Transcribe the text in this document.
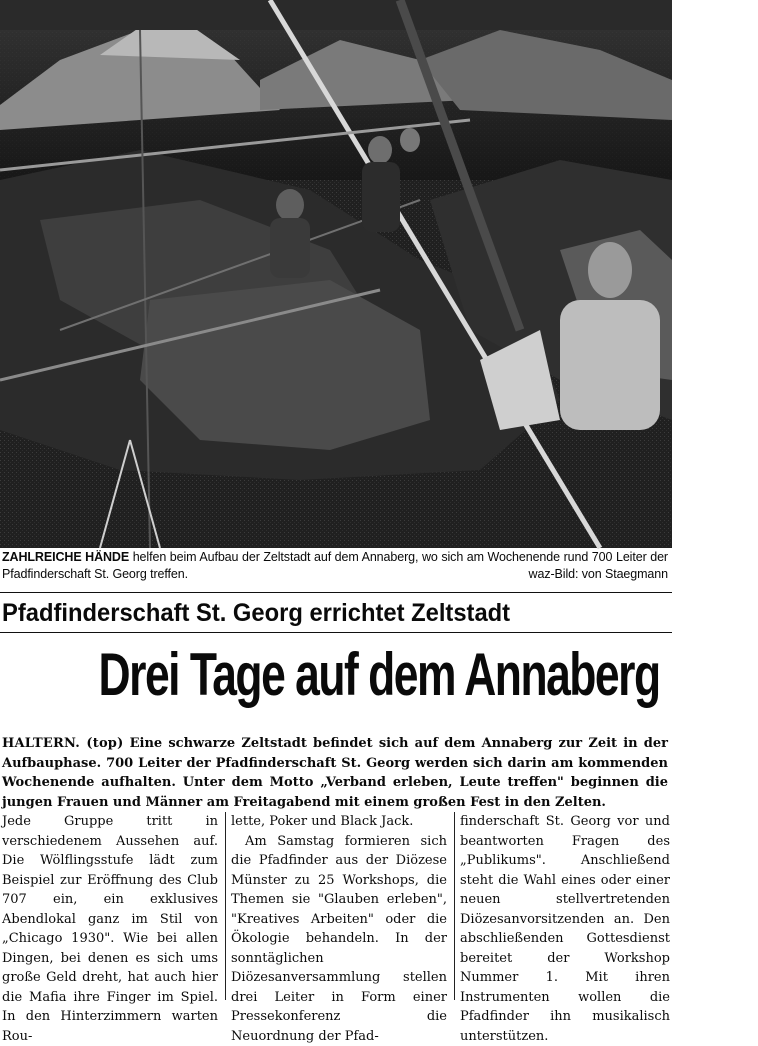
ZAHLREICHE HÄNDE helfen beim Aufbau der Zeltstadt auf dem Annaberg, wo sich am Wochenende rund 700 Leiter der Pfadfinderschaft St. Georg treffen.	waz-Bild: von Staegmann
Pfadfinderschaft St. Georg errichtet Zeltstadt
Drei Tage auf dem Annaberg
HALTERN. (top) Eine schwarze Zeltstadt befindet sich auf dem Annaberg zur Zeit in der Aufbauphase. 700 Leiter der Pfadfinderschaft St. Georg werden sich darin am kommenden Wochenende aufhalten. Unter dem Motto „Verband erleben, Leute treffen" beginnen die jungen Frauen und Männer am Freitagabend mit einem großen Fest in den Zelten.

Jede Gruppe tritt in verschiedenem Aussehen auf. Die Wölflingsstufe lädt zum Beispiel zur Eröffnung des Club 707 ein, ein exklusives Abendlokal ganz im Stil von „Chicago 1930". Wie bei allen Dingen, bei denen es sich ums große Geld dreht, hat auch hier die Mafia ihre Finger im Spiel. In den Hinterzimmern warten Rou-

lette, Poker und Black Jack.

Am Samstag formieren sich die Pfadfinder aus der Diözese Münster zu 25 Workshops, die Themen sie "Glauben erleben", "Kreatives Arbeiten" oder die Ökologie behandeln. In der sonntäglichen Diözesanversammlung stellen drei Leiter in Form einer Pressekonferenz die Neuordnung der Pfad-

finderschaft St. Georg vor und beantworten Fragen des „Publikums". Anschließend steht die Wahl eines oder einer neuen stellvertretenden Diözesanvorsitzenden an. Den abschließenden Gottesdienst bereitet der Workshop Nummer 1. Mit ihren Instrumenten wollen die Pfadfinder ihn musikalisch unterstützen.
